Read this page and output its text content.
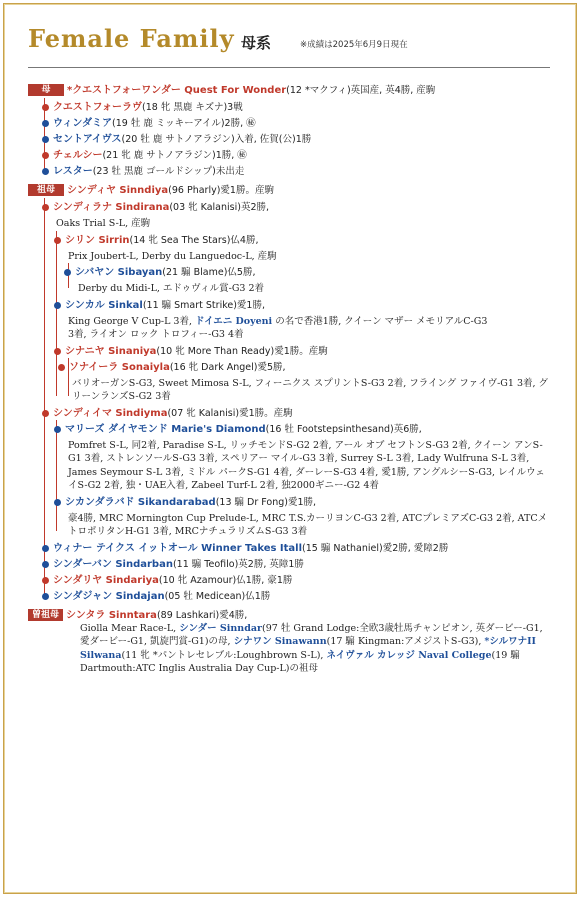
Female Family 母系	※成績は2025年6月9日現在
母	*クエストフォーワンダー Quest For Wonder (12 *マクフィ)英国産, 英4勝, 産駒
クエストフォーラヴ (18 牝 黒鹿 キズナ)3戦
ウィンダミア (19 牡 鹿 ミッキーアイル)2勝, ㊙
セントアイヴス (20 牡 鹿 サトノアラジン)入着, 佐賀(公)1勝
チェルシー (21 牝 鹿 サトノアラジン)1勝, ㊙
レスター (23 牡 黒鹿 ゴールドシップ)未出走
祖母	シンディヤ Sinndiya (96 Pharly)愛1勝。産駒
シンディラナ Sindirana (03 牝 Kalanisi)英2勝,
Oaks Trial S-L, 産駒
シリン Sirrin (14 牝 Sea The Stars)仏4勝,
Prix Joubert-L, Derby du Languedoc-L, 産駒
シバヤン Sibayan (21 騸 Blame)仏5勝,
Derby du Midi-L, エドゥヴィル賞-G3 2着
シンカル Sinkal (11 騸 Smart Strike)愛1勝,
King George V Cup-L 3着, ドイエニ Doyeni の名で香港1勝, クイーン マザー メモリアルC-G3
3着, ライオン ロック トロフィー-G3 4着
シナニヤ Sinaniya (10 牝 More Than Ready)愛1勝。産駒
ソナイーラ Sonaiyla (16 牝 Dark Angel)愛5勝,
バリオーガンS-G3, Sweet Mimosa S-L, フィーニクス スプリントS-G3 2着, フライング ファイヴ-G1 3着, グリーンランズS-G2 3着
シンディイマ Sindiyma (07 牝 Kalanisi)愛1勝。産駒
マリーズ ダイヤモンド Marie's Diamond (16 牡 Footstepsinthesand)英6勝,
Pomfret S-L, 同2着, Paradise S-L, リッチモンドS-G2 2着, アール オブ セフトンS-G3 2着, クイーン アンS-G1 3着, ストレンソールS-G3 3着, スペリアー マイル-G3 3着, Surrey S-L 3着, Lady Wulfruna S-L 3着, James Seymour S-L 3着, ミドル パークS-G1 4着, ダーレーS-G3 4着, 愛1勝, アングルシーS-G3, レイルウェイS-G2 2着, 独・UAE入着, Zabeel Turf-L 2着, 独2000ギニー-G2 4着
シカンダラバド Sikandarabad (13 騸 Dr Fong)愛1勝,
豪4勝, MRC Mornington Cup Prelude-L, MRC T.S.カーリヨンC-G3 2着, ATCプレミアズC-G3 2着, ATCメトロポリタンH-G1 3着, MRCナチュラリズムS-G3 3着
ウィナー テイクス イットオール Winner Takes Itall (15 騸 Nathaniel)愛2勝, 愛障2勝
シンダーバン Sindarban (11 騸 Teofilo)英2勝, 英障1勝
シンダリヤ Sindariya (10 牝 Azamour)仏1勝, 豪1勝
シンダジャン Sindajan (05 牡 Medicean)仏1勝
曽祖母 シンタラ Sinntara (89 Lashkari)愛4勝,
Giolla Mear Race-L, シンダー Sinndar(97 牡 Grand Lodge:全欧3歳牡馬チャンピオン, 英ダービー-G1, 愛ダービー-G1, 凱旋門賞-G1)の母, シナワン Sinawann(17 騸 Kingman:アメジストS-G3), *シルワナII Silwana(11 牝 *パントレセレブル:Loughbrown S-L), ネイヴァル カレッジ Naval College(19 騸 Dartmouth:ATC Inglis Australia Day Cup-L)の祖母
